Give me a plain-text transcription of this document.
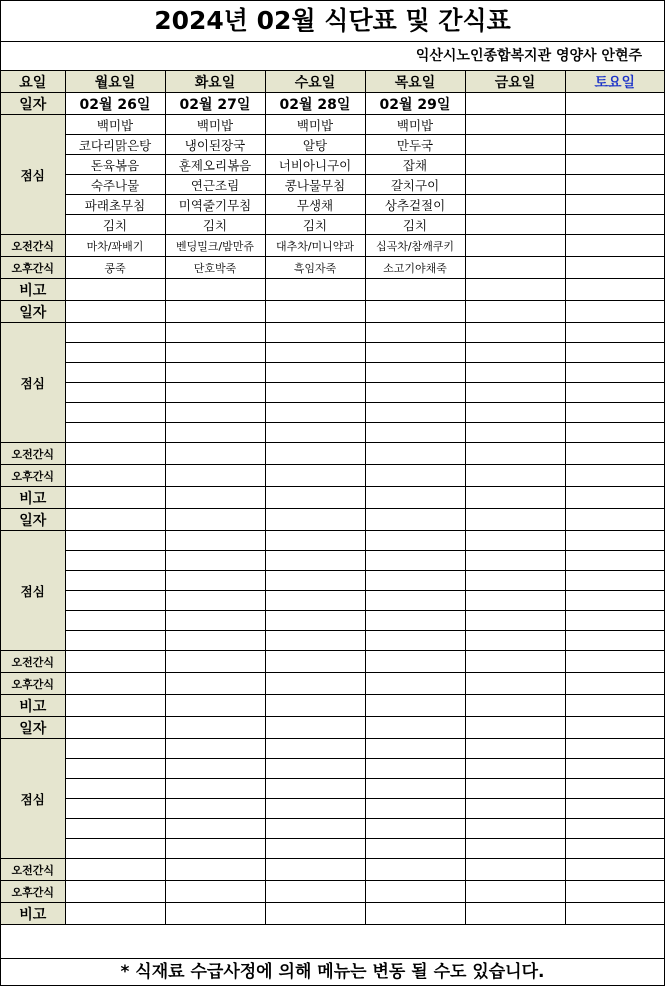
2024년 02월 식단표 및 간식표
익산시노인종합복지관 영양사 안현주
요일	월요일	화요일	수요일	목요일	금요일	토요일
일자	02월 26일	02월 27일	02월 28일	02월 29일		
점심	백미밥	백미밥	백미밥	백미밥		
	코다리맑은탕	냉이된장국	알탕	만두국		
	돈육볶음	훈제오리볶음	너비아니구이	잡채		
	숙주나물	연근조림	콩나물무침	갈치구이		
	파래초무침	미역줄기무침	무생채	상추겉절이		
	김치	김치	김치	김치		
오전간식	마차/꽈배기	벤딩밀크/밤만쥬	대추차/미니약과	십곡차/참깨쿠키		
오후간식	콩죽	단호박죽	흑임자죽	소고기야채죽		
비고						
일자						
점심						

오전간식						
오후간식						
비고						
일자						
점심						

오전간식						
오후간식						
비고						
일자						
점심						

오전간식						
오후간식						
비고						
* 식재료 수급사정에 의해 메뉴는 변동 될 수도 있습니다.
